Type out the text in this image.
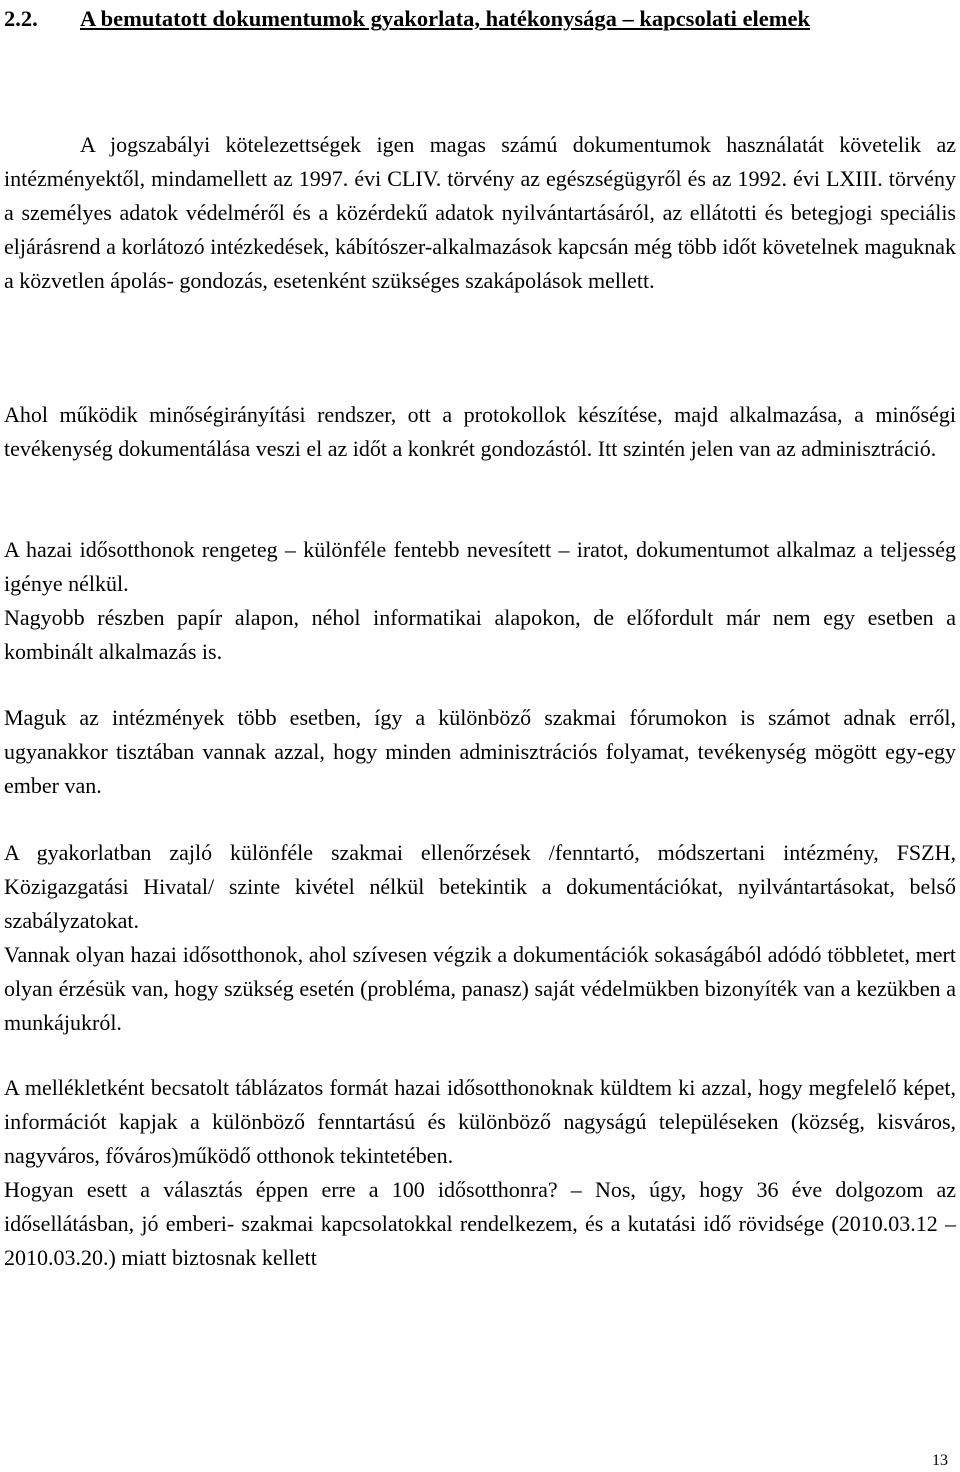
2.2. A bemutatott dokumentumok gyakorlata, hatékonysága – kapcsolati elemek
A jogszabályi kötelezettségek igen magas számú dokumentumok használatát követelik az intézményektől, mindamellett az 1997. évi CLIV. törvény az egészségügyről és az 1992. évi LXIII. törvény a személyes adatok védelméről és a közérdekű adatok nyilvántartásáról, az ellátotti és betegjogi speciális eljárásrend a korlátozó intézkedések, kábítószer-alkalmazások kapcsán még több időt követelnek maguknak a közvetlen ápolás- gondozás, esetenként szükséges szakápolások mellett.
Ahol működik minőségirányítási rendszer, ott a protokollok készítése, majd alkalmazása, a minőségi tevékenység dokumentálása veszi el az időt a konkrét gondozástól. Itt szintén jelen van az adminisztráció.
A hazai idősotthonok rengeteg – különféle fentebb nevesített – iratot, dokumentumot alkalmaz a teljesség igénye nélkül.
Nagyobb részben papír alapon, néhol informatikai alapokon, de előfordult már nem egy esetben a kombinált alkalmazás is.
Maguk az intézmények több esetben, így a különböző szakmai fórumokon is számot adnak erről, ugyanakkor tisztában vannak azzal, hogy minden adminisztrációs folyamat, tevékenység mögött egy-egy ember van.
A gyakorlatban zajló különféle szakmai ellenőrzések /fenntartó, módszertani intézmény, FSZH, Közigazgatási Hivatal/ szinte kivétel nélkül betekintik a dokumentációkat, nyilvántartásokat, belső szabályzatokat.
Vannak olyan hazai idősotthonok, ahol szívesen végzik a dokumentációk sokaságából adódó többletet, mert olyan érzésük van, hogy szükség esetén (probléma, panasz) saját védelmükben bizonyíték van a kezükben a munkájukról.
A mellékletként becsatolt táblázatos formát hazai idősotthonoknak küldtem ki azzal, hogy megfelelő képet, információt kapjak a különböző fenntartású és különböző nagyságú településeken (község, kisváros, nagyváros, főváros)működő otthonok tekintetében.
Hogyan esett a választás éppen erre a 100 idősotthonra? – Nos, úgy, hogy 36 éve dolgozom az idősellátásban, jó emberi- szakmai kapcsolatokkal rendelkezem, és a kutatási idő rövidsége (2010.03.12 – 2010.03.20.) miatt biztosnak kellett
13
